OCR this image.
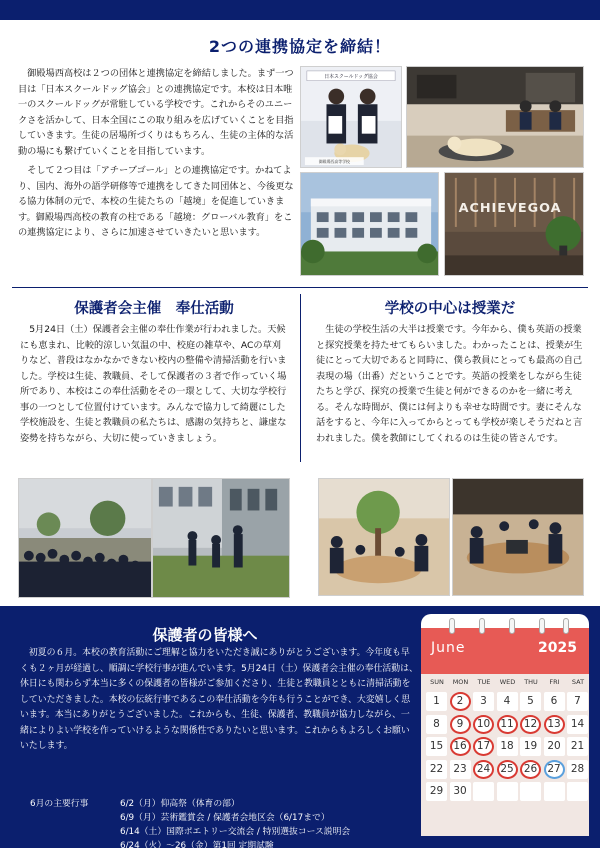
2つの連携協定を締結！

御殿場西高校は２つの団体と連携協定を締結しました。まず一つ目は「日本スクールドッグ協会」との連携協定です。本校は日本唯一のスクールドッグが常駐している学校です。これからそのユニークさを活かして、日本全国にこの取り組みを広げていくことを目指していきます。生徒の居場所づくりはもちろん、生徒の主体的な活動の場にも繋げていくことを目指しています。

そして２つ目は「アチーブゴール」との連携協定です。かねてより、国内、海外の語学研修等で連携をしてきた同団体と、今後更なる協力体制の元で、本校の生徒たちの「越境」を促進していきます。御殿場西高校の教育の柱である「越境：グローバル教育」をこの連携協定により、さらに加速させていきたいと思います。

日本スクールドッグ協会
御殿場西高等学校
ACHIEVEGOA
保護者会主催　奉仕活動

5月24日（土）保護者会主催の奉仕作業が行われました。天候にも恵まれ、比較的涼しい気温の中、校庭の雑草や、ACの草刈りなど、普段はなかなかできない校内の整備や清掃活動を行いました。学校は生徒、教職員、そして保護者の３者で作っていく場所であり、本校はこの奉仕活動をその一環として、大切な学校行事の一つとして位置付けています。みんなで協力して綺麗にした学校施設を、生徒と教職員の私たちは、感謝の気持ちと、謙虚な姿勢を持ちながら、大切に使っていきましょう。

学校の中心は授業だ

生徒の学校生活の大半は授業です。今年から、僕も英語の授業と探究授業を持たせてもらいました。わかったことは、授業が生徒にとって大切であると同時に、僕ら教員にとっても最高の自己表現の場（出番）だということです。英語の授業をしながら生徒たちと学び、探究の授業で生徒と何ができるのかを一緒に考える。そんな時間が、僕には何よりも幸せな時間です。妻にそんな話をすると、今年に入ってからとっても学校が楽しそうだねと言われました。僕を教師にしてくれるのは生徒の皆さんです。

保護者の皆様へ

初夏の６月。本校の教育活動にご理解と協力をいただき誠にありがとうございます。今年度も早くも２ヶ月が経過し、順調に学校行事が進んでいます。5月24日（土）保護者会主催の奉仕活動は、休日にも関わらず本当に多くの保護者の皆様がご参加くださり、生徒と教職員とともに清掃活動をしていただきました。本校の伝統行事であるこの奉仕活動を今年も行うことができ、大変嬉しく思います。本当にありがとうございました。これからも、生徒、保護者、教職員が協力しながら、一緒によりよい学校を作っていけるような関係性でありたいと思います。これからもよろしくお願いいたします。

6月の主要行事	6/2（月）仰高祭（体育の部）
6/9（月）芸術鑑賞会 / 保護者会地区会（6/17まで）
6/14（土）国際ポエトリー交流会 / 特別選抜コース説明会
6/24（火）～26（金）第1回 定期試験
6/27（金）生徒休業日
June	2025
SUN	MON	TUE	WED	THU	FRI	SAT
1	2	3	4	5	6	7
8	9	10 11 12 13 14
15 16 17 18 19 20 21
22 23 24 25 26 27 28
29 30
